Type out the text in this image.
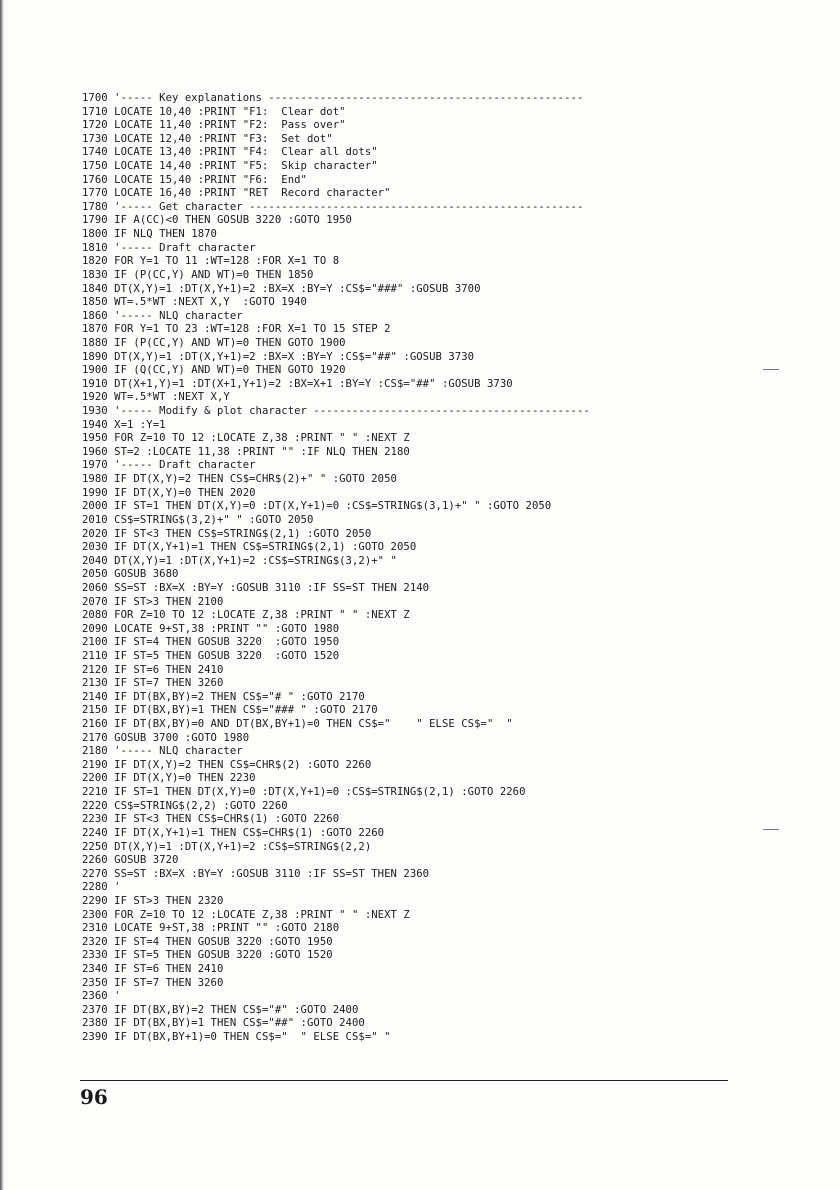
1700 '----- Key explanations -------------------------------------------------
1710 LOCATE 10,40 :PRINT "F1:  Clear dot"
1720 LOCATE 11,40 :PRINT "F2:  Pass over"
1730 LOCATE 12,40 :PRINT "F3:  Set dot"
1740 LOCATE 13,40 :PRINT "F4:  Clear all dots"
1750 LOCATE 14,40 :PRINT "F5:  Skip character"
1760 LOCATE 15,40 :PRINT "F6:  End"
1770 LOCATE 16,40 :PRINT "RET  Record character"
1780 '----- Get character ----------------------------------------------------
1790 IF A(CC)<0 THEN GOSUB 3220 :GOTO 1950
1800 IF NLQ THEN 1870
1810 '----- Draft character
1820 FOR Y=1 TO 11 :WT=128 :FOR X=1 TO 8
1830 IF (P(CC,Y) AND WT)=0 THEN 1850
1840 DT(X,Y)=1 :DT(X,Y+1)=2 :BX=X :BY=Y :CS$="###" :GOSUB 3700
1850 WT=.5*WT :NEXT X,Y  :GOTO 1940
1860 '----- NLQ character
1870 FOR Y=1 TO 23 :WT=128 :FOR X=1 TO 15 STEP 2
1880 IF (P(CC,Y) AND WT)=0 THEN GOTO 1900
1890 DT(X,Y)=1 :DT(X,Y+1)=2 :BX=X :BY=Y :CS$="##" :GOSUB 3730
1900 IF (Q(CC,Y) AND WT)=0 THEN GOTO 1920
1910 DT(X+1,Y)=1 :DT(X+1,Y+1)=2 :BX=X+1 :BY=Y :CS$="##" :GOSUB 3730
1920 WT=.5*WT :NEXT X,Y
1930 '----- Modify & plot character -------------------------------------------
1940 X=1 :Y=1
1950 FOR Z=10 TO 12 :LOCATE Z,38 :PRINT " " :NEXT Z
1960 ST=2 :LOCATE 11,38 :PRINT "" :IF NLQ THEN 2180
1970 '----- Draft character
1980 IF DT(X,Y)=2 THEN CS$=CHR$(2)+" " :GOTO 2050
1990 IF DT(X,Y)=0 THEN 2020
2000 IF ST=1 THEN DT(X,Y)=0 :DT(X,Y+1)=0 :CS$=STRING$(3,1)+" " :GOTO 2050
2010 CS$=STRING$(3,2)+" " :GOTO 2050
2020 IF ST<3 THEN CS$=STRING$(2,1) :GOTO 2050
2030 IF DT(X,Y+1)=1 THEN CS$=STRING$(2,1) :GOTO 2050
2040 DT(X,Y)=1 :DT(X,Y+1)=2 :CS$=STRING$(3,2)+" "
2050 GOSUB 3680
2060 SS=ST :BX=X :BY=Y :GOSUB 3110 :IF SS=ST THEN 2140
2070 IF ST>3 THEN 2100
2080 FOR Z=10 TO 12 :LOCATE Z,38 :PRINT " " :NEXT Z
2090 LOCATE 9+ST,38 :PRINT "" :GOTO 1980
2100 IF ST=4 THEN GOSUB 3220  :GOTO 1950
2110 IF ST=5 THEN GOSUB 3220  :GOTO 1520
2120 IF ST=6 THEN 2410
2130 IF ST=7 THEN 3260
2140 IF DT(BX,BY)=2 THEN CS$="# " :GOTO 2170
2150 IF DT(BX,BY)=1 THEN CS$="### " :GOTO 2170
2160 IF DT(BX,BY)=0 AND DT(BX,BY+1)=0 THEN CS$="    " ELSE CS$="  "
2170 GOSUB 3700 :GOTO 1980
2180 '----- NLQ character
2190 IF DT(X,Y)=2 THEN CS$=CHR$(2) :GOTO 2260
2200 IF DT(X,Y)=0 THEN 2230
2210 IF ST=1 THEN DT(X,Y)=0 :DT(X,Y+1)=0 :CS$=STRING$(2,1) :GOTO 2260
2220 CS$=STRING$(2,2) :GOTO 2260
2230 IF ST<3 THEN CS$=CHR$(1) :GOTO 2260
2240 IF DT(X,Y+1)=1 THEN CS$=CHR$(1) :GOTO 2260
2250 DT(X,Y)=1 :DT(X,Y+1)=2 :CS$=STRING$(2,2)
2260 GOSUB 3720
2270 SS=ST :BX=X :BY=Y :GOSUB 3110 :IF SS=ST THEN 2360
2280 '
2290 IF ST>3 THEN 2320
2300 FOR Z=10 TO 12 :LOCATE Z,38 :PRINT " " :NEXT Z
2310 LOCATE 9+ST,38 :PRINT "" :GOTO 2180
2320 IF ST=4 THEN GOSUB 3220 :GOTO 1950
2330 IF ST=5 THEN GOSUB 3220 :GOTO 1520
2340 IF ST=6 THEN 2410
2350 IF ST=7 THEN 3260
2360 '
2370 IF DT(BX,BY)=2 THEN CS$="#" :GOTO 2400
2380 IF DT(BX,BY)=1 THEN CS$="##" :GOTO 2400
2390 IF DT(BX,BY+1)=0 THEN CS$="  " ELSE CS$=" "
96
